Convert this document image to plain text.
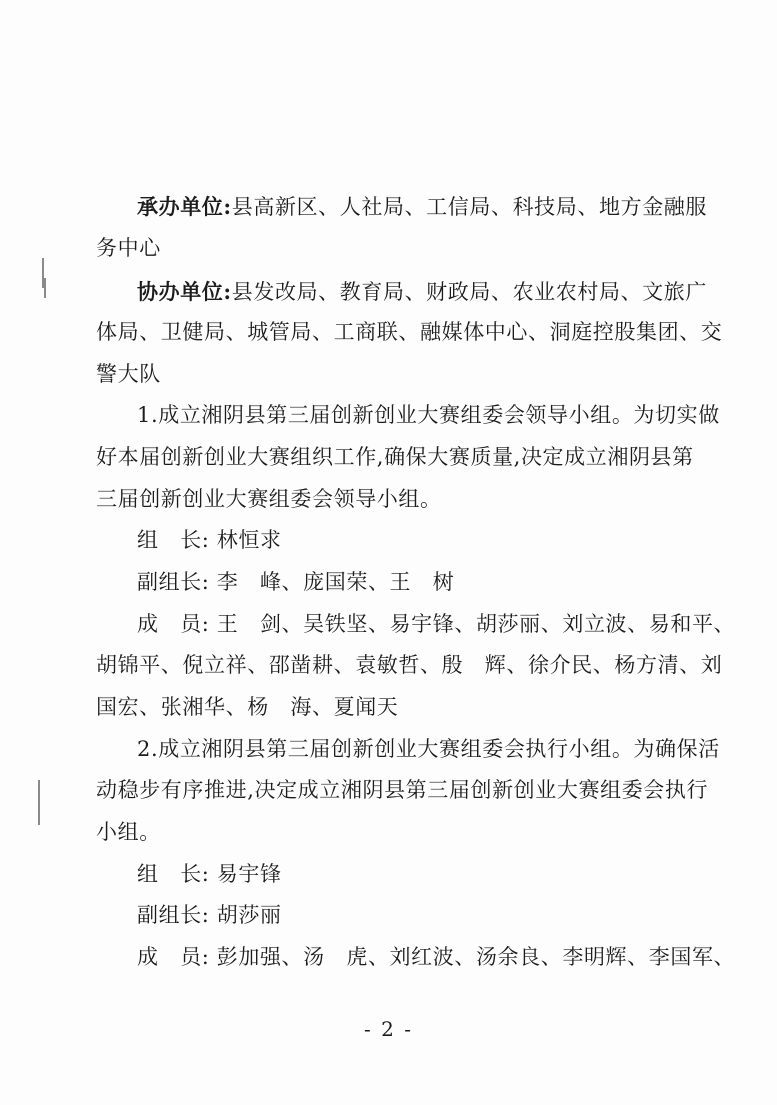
承办单位:县高新区、人社局、工信局、科技局、地方金融服
务中心
协办单位:县发改局、教育局、财政局、农业农村局、文旅广
体局、卫健局、城管局、工商联、融媒体中心、洞庭控股集团、交
警大队
1.成立湘阴县第三届创新创业大赛组委会领导小组。为切实做
好本届创新创业大赛组织工作,确保大赛质量,决定成立湘阴县第
三届创新创业大赛组委会领导小组。
组　长: 林恒求
副组长: 李　峰、庞国荣、王　树
成　员: 王　剑、吴铁坚、易宇锋、胡莎丽、刘立波、易和平、
胡锦平、倪立祥、邵凿耕、袁敏哲、殷　辉、徐介民、杨方清、刘
国宏、张湘华、杨　海、夏闻天
2.成立湘阴县第三届创新创业大赛组委会执行小组。为确保活
动稳步有序推进,决定成立湘阴县第三届创新创业大赛组委会执行
小组。
组　长: 易宇锋
副组长: 胡莎丽
成　员: 彭加强、汤　虎、刘红波、汤余良、李明辉、李国军、
- 2 -
